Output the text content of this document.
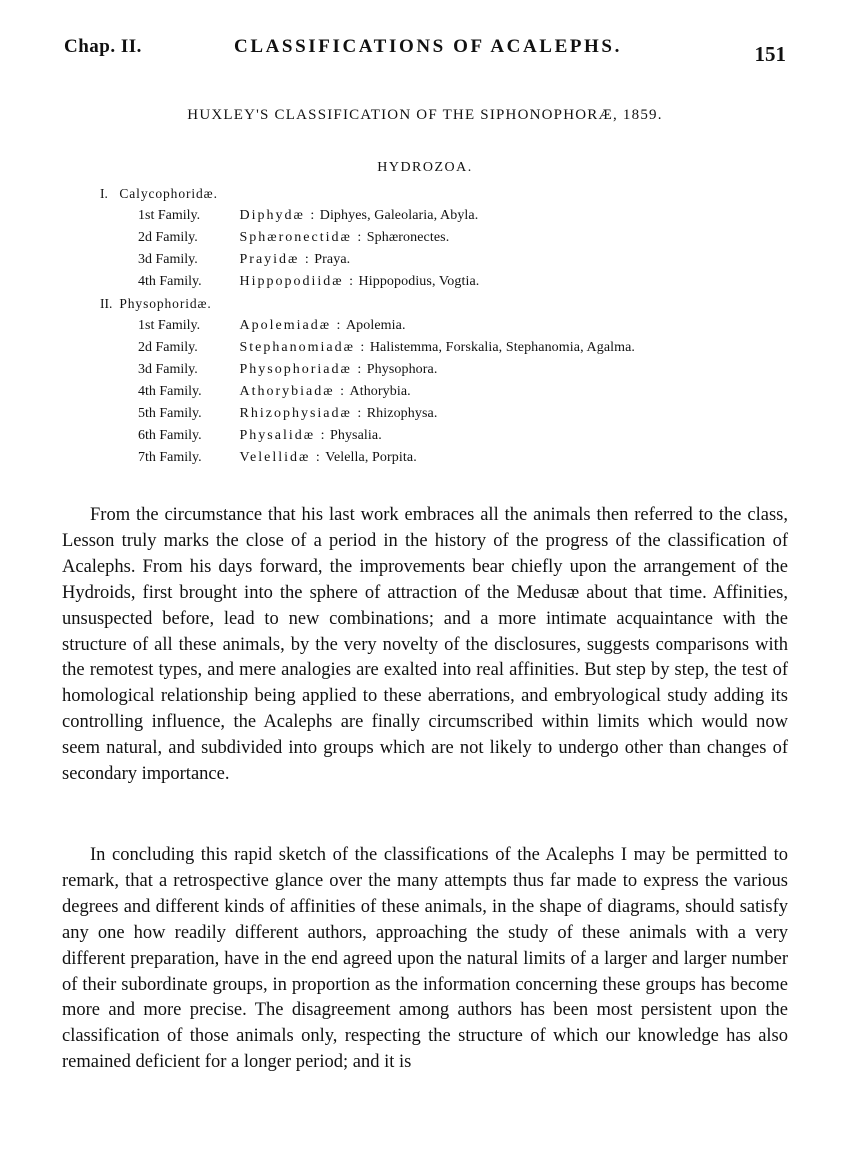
Chap. II.	CLASSIFICATIONS OF ACALEPHS.	151
HUXLEY'S CLASSIFICATION OF THE SIPHONOPHORÆ, 1859.
HYDROZOA.
I. Calycophoridæ.
1st Family.	Diphydæ : Diphyes, Galeolaria, Abyla.
2d Family.	Sphæronectidæ : Sphæronectes.
3d Family.	Prayidæ : Praya.
4th Family.	Hippopodiidæ : Hippopodius, Vogtia.
II. Physophoridæ.
1st Family.	Apolemiadæ : Apolemia.
2d Family.	Stephanomiadæ : Halistemma, Forskalia, Stephanomia, Agalma.
3d Family.	Physophoriadæ : Physophora.
4th Family.	Athorybiadæ : Athorybia.
5th Family.	Rhizophysiadæ : Rhizophysa.
6th Family.	Physalidæ : Physalia.
7th Family.	Velellidæ : Velella, Porpita.

From the circumstance that his last work embraces all the animals then referred to the class, Lesson truly marks the close of a period in the history of the progress of the classification of Acalephs. From his days forward, the improvements bear chiefly upon the arrangement of the Hydroids, first brought into the sphere of attraction of the Medusæ about that time. Affinities, unsuspected before, lead to new combinations; and a more intimate acquaintance with the structure of all these animals, by the very novelty of the disclosures, suggests comparisons with the remotest types, and mere analogies are exalted into real affinities. But step by step, the test of homological relationship being applied to these aberrations, and embryological study adding its controlling influence, the Acalephs are finally circumscribed within limits which would now seem natural, and subdivided into groups which are not likely to undergo other than changes of secondary importance.

In concluding this rapid sketch of the classifications of the Acalephs I may be permitted to remark, that a retrospective glance over the many attempts thus far made to express the various degrees and different kinds of affinities of these animals, in the shape of diagrams, should satisfy any one how readily different authors, approaching the study of these animals with a very different preparation, have in the end agreed upon the natural limits of a larger and larger number of their subordinate groups, in proportion as the information concerning these groups has become more and more precise. The disagreement among authors has been most persistent upon the classification of those animals only, respecting the structure of which our knowledge has also remained deficient for a longer period; and it is
